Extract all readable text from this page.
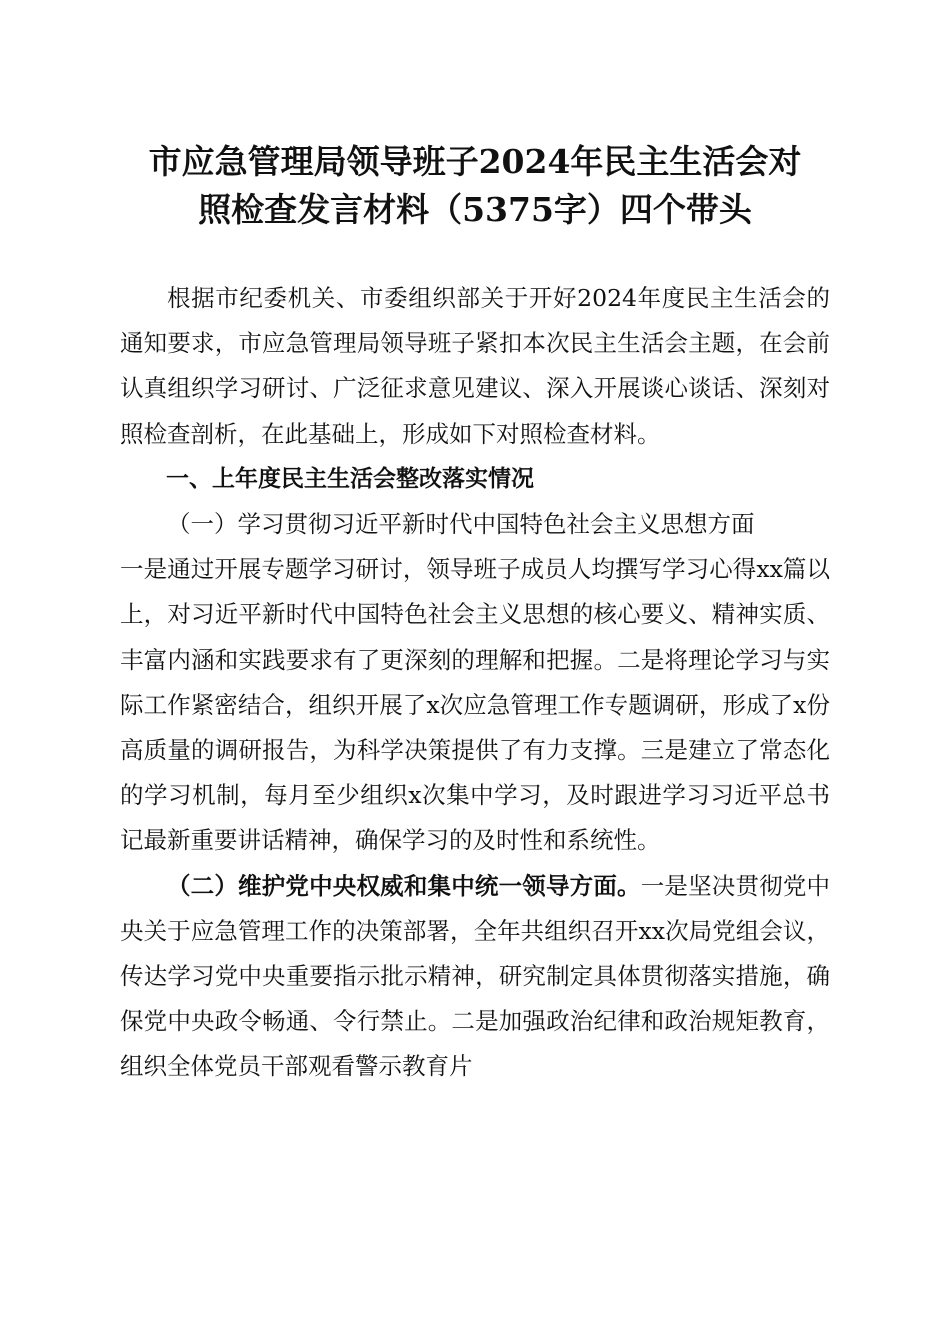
市应急管理局领导班子2024年民主生活会对
照检查发言材料（5375字）四个带头

根据市纪委机关、市委组织部关于开好2024年度民主生活会的通知要求，市应急管理局领导班子紧扣本次民主生活会主题，在会前认真组织学习研讨、广泛征求意见建议、深入开展谈心谈话、深刻对照检查剖析，在此基础上，形成如下对照检查材料。

一、上年度民主生活会整改落实情况

（一）学习贯彻习近平新时代中国特色社会主义思想方面

一是通过开展专题学习研讨，领导班子成员人均撰写学习心得xx篇以上，对习近平新时代中国特色社会主义思想的核心要义、精神实质、丰富内涵和实践要求有了更深刻的理解和把握。二是将理论学习与实际工作紧密结合，组织开展了x次应急管理工作专题调研，形成了x份高质量的调研报告，为科学决策提供了有力支撑。三是建立了常态化的学习机制，每月至少组织x次集中学习，及时跟进学习习近平总书记最新重要讲话精神，确保学习的及时性和系统性。

（二）维护党中央权威和集中统一领导方面。一是坚决贯彻党中央关于应急管理工作的决策部署，全年共组织召开xx次局党组会议，传达学习党中央重要指示批示精神，研究制定具体贯彻落实措施，确保党中央政令畅通、令行禁止。二是加强政治纪律和政治规矩教育，组织全体党员干部观看警示教育片
